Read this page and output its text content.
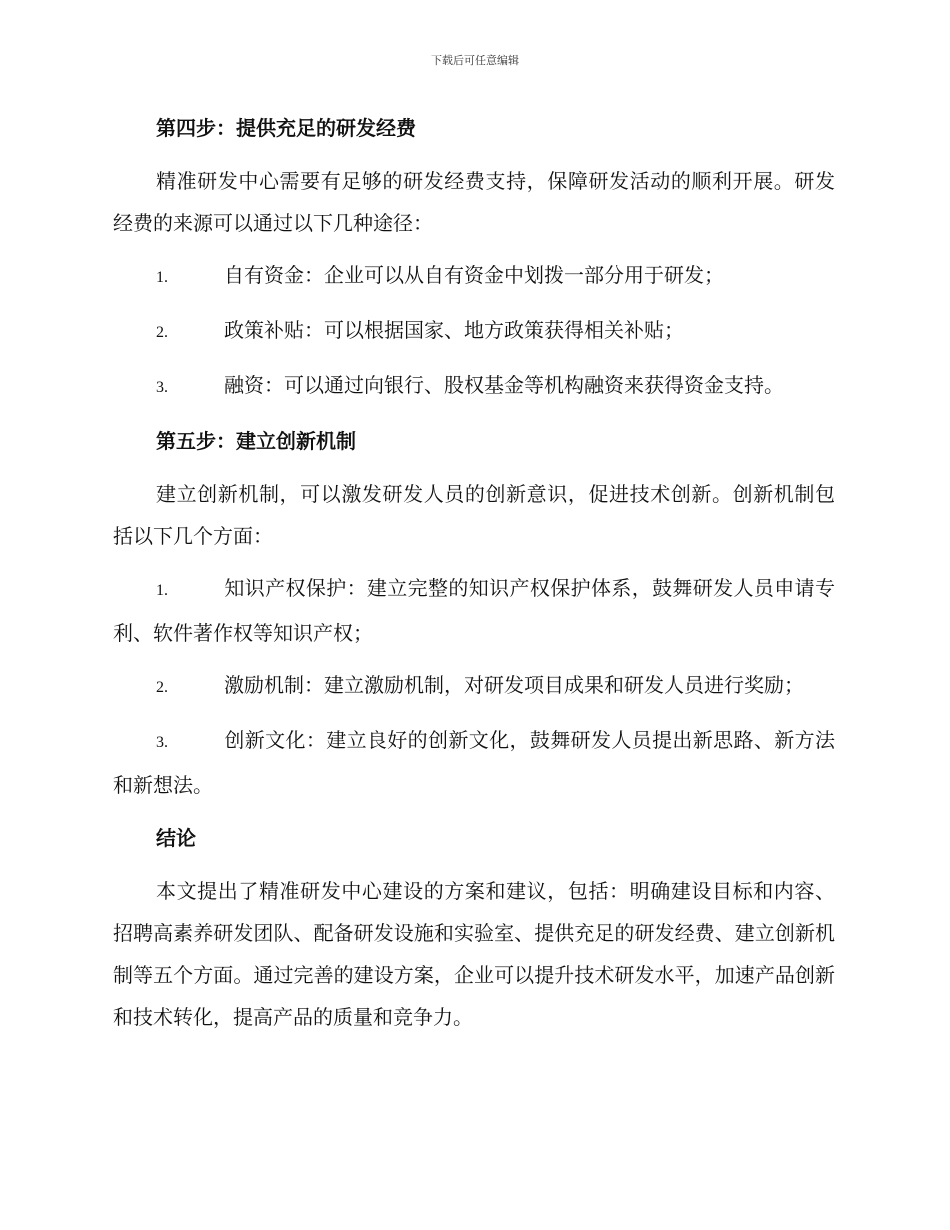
下载后可任意编辑
第四步：提供充足的研发经费

精准研发中心需要有足够的研发经费支持，保障研发活动的顺利开展。研发经费的来源可以通过以下几种途径：

1.	自有资金：企业可以从自有资金中划拨一部分用于研发；

2.	政策补贴：可以根据国家、地方政策获得相关补贴；

3.	融资：可以通过向银行、股权基金等机构融资来获得资金支持。

第五步：建立创新机制

建立创新机制，可以激发研发人员的创新意识，促进技术创新。创新机制包括以下几个方面：

1.	知识产权保护：建立完整的知识产权保护体系，鼓舞研发人员申请专利、软件著作权等知识产权；

2.	激励机制：建立激励机制，对研发项目成果和研发人员进行奖励；

3.	创新文化：建立良好的创新文化，鼓舞研发人员提出新思路、新方法和新想法。

结论

本文提出了精准研发中心建设的方案和建议，包括：明确建设目标和内容、招聘高素养研发团队、配备研发设施和实验室、提供充足的研发经费、建立创新机制等五个方面。通过完善的建设方案，企业可以提升技术研发水平，加速产品创新和技术转化，提高产品的质量和竞争力。
